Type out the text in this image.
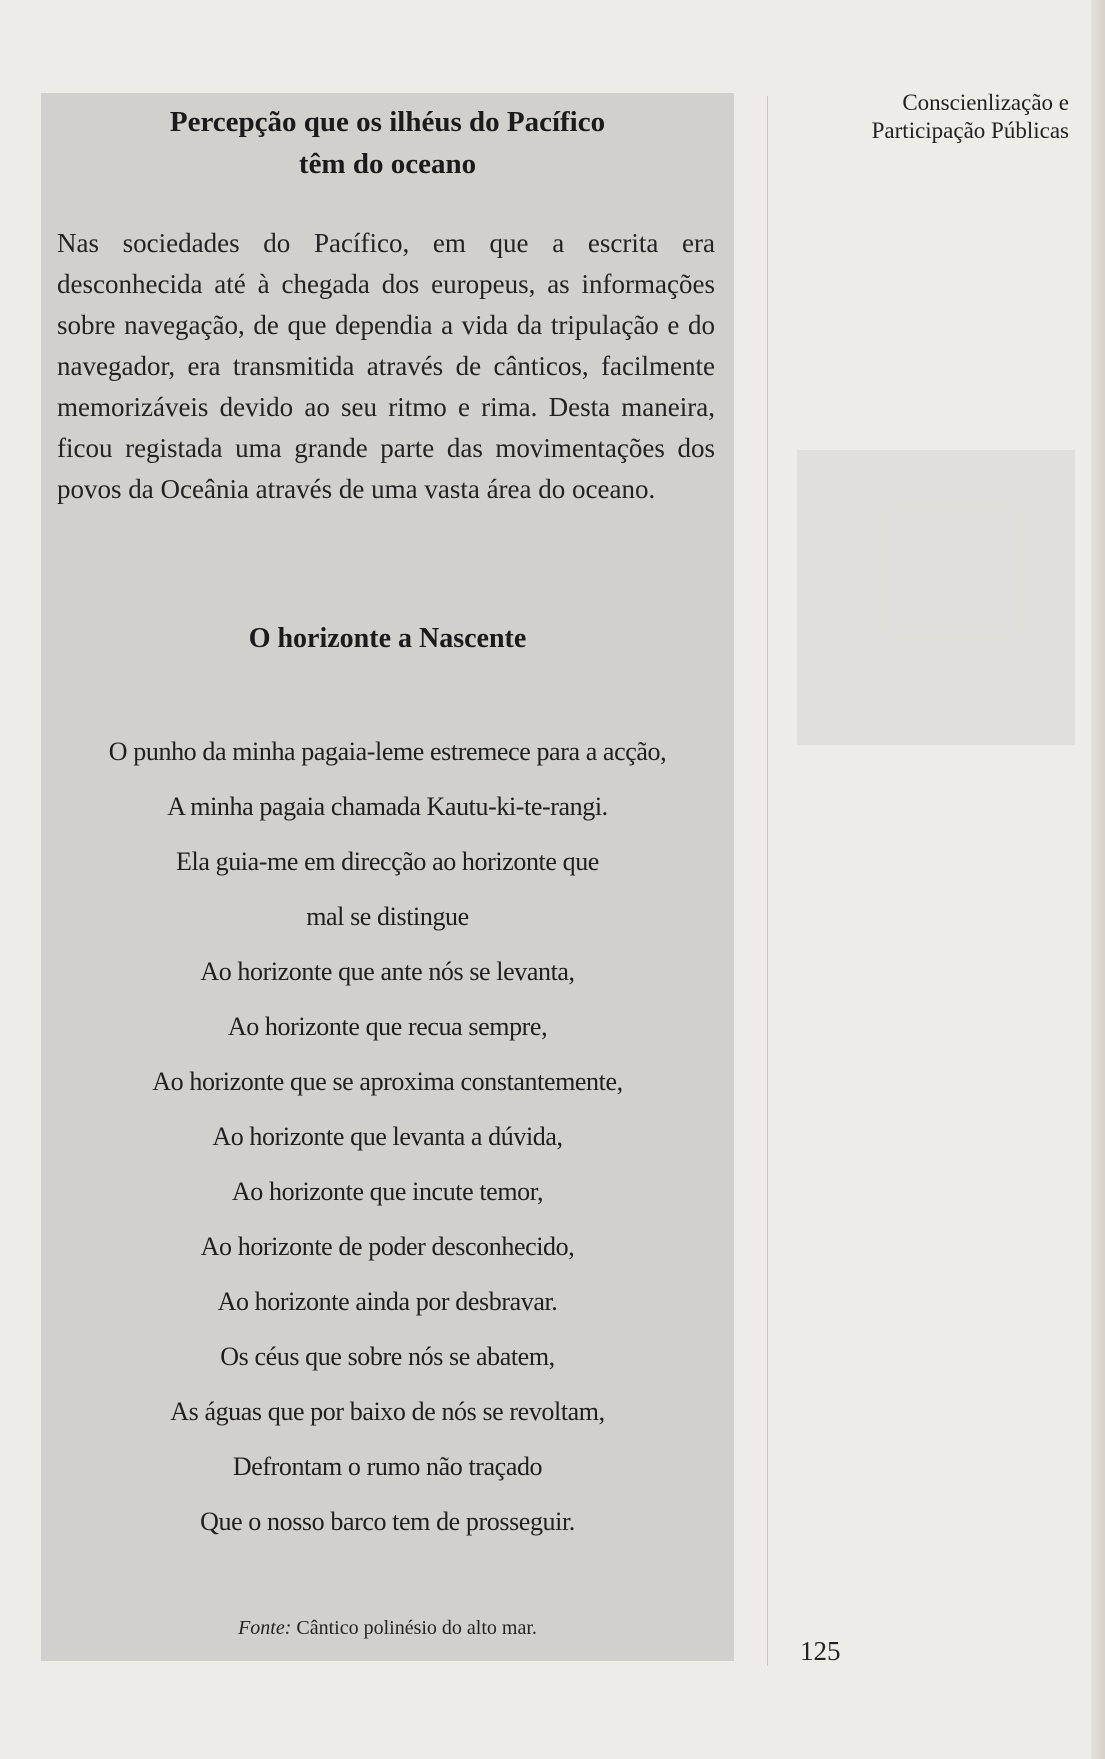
Percepção que os ilhéus do Pacífico
têm do oceano

Nas sociedades do Pacífico, em que a escrita era desconhecida até à chegada dos europeus, as informações sobre navegação, de que dependia a vida da tripulação e do navegador, era transmitida através de cânticos, facilmente memorizáveis devido ao seu ritmo e rima. Desta maneira, ficou registada uma grande parte das movimentações dos povos da Oceânia através de uma vasta área do oceano.

O horizonte a Nascente
O punho da minha pagaia-leme estremece para a acção,
A minha pagaia chamada Kautu-ki-te-rangi.
Ela guia-me em direcção ao horizonte que
mal se distingue
Ao horizonte que ante nós se levanta,
Ao horizonte que recua sempre,
Ao horizonte que se aproxima constantemente,
Ao horizonte que levanta a dúvida,
Ao horizonte que incute temor,
Ao horizonte de poder desconhecido,
Ao horizonte ainda por desbravar.
Os céus que sobre nós se abatem,
As águas que por baixo de nós se revoltam,
Defrontam o rumo não traçado
Que o nosso barco tem de prosseguir.
Fonte: Cântico polinésio do alto mar.
Conscienlização e
Participação Públicas
125
